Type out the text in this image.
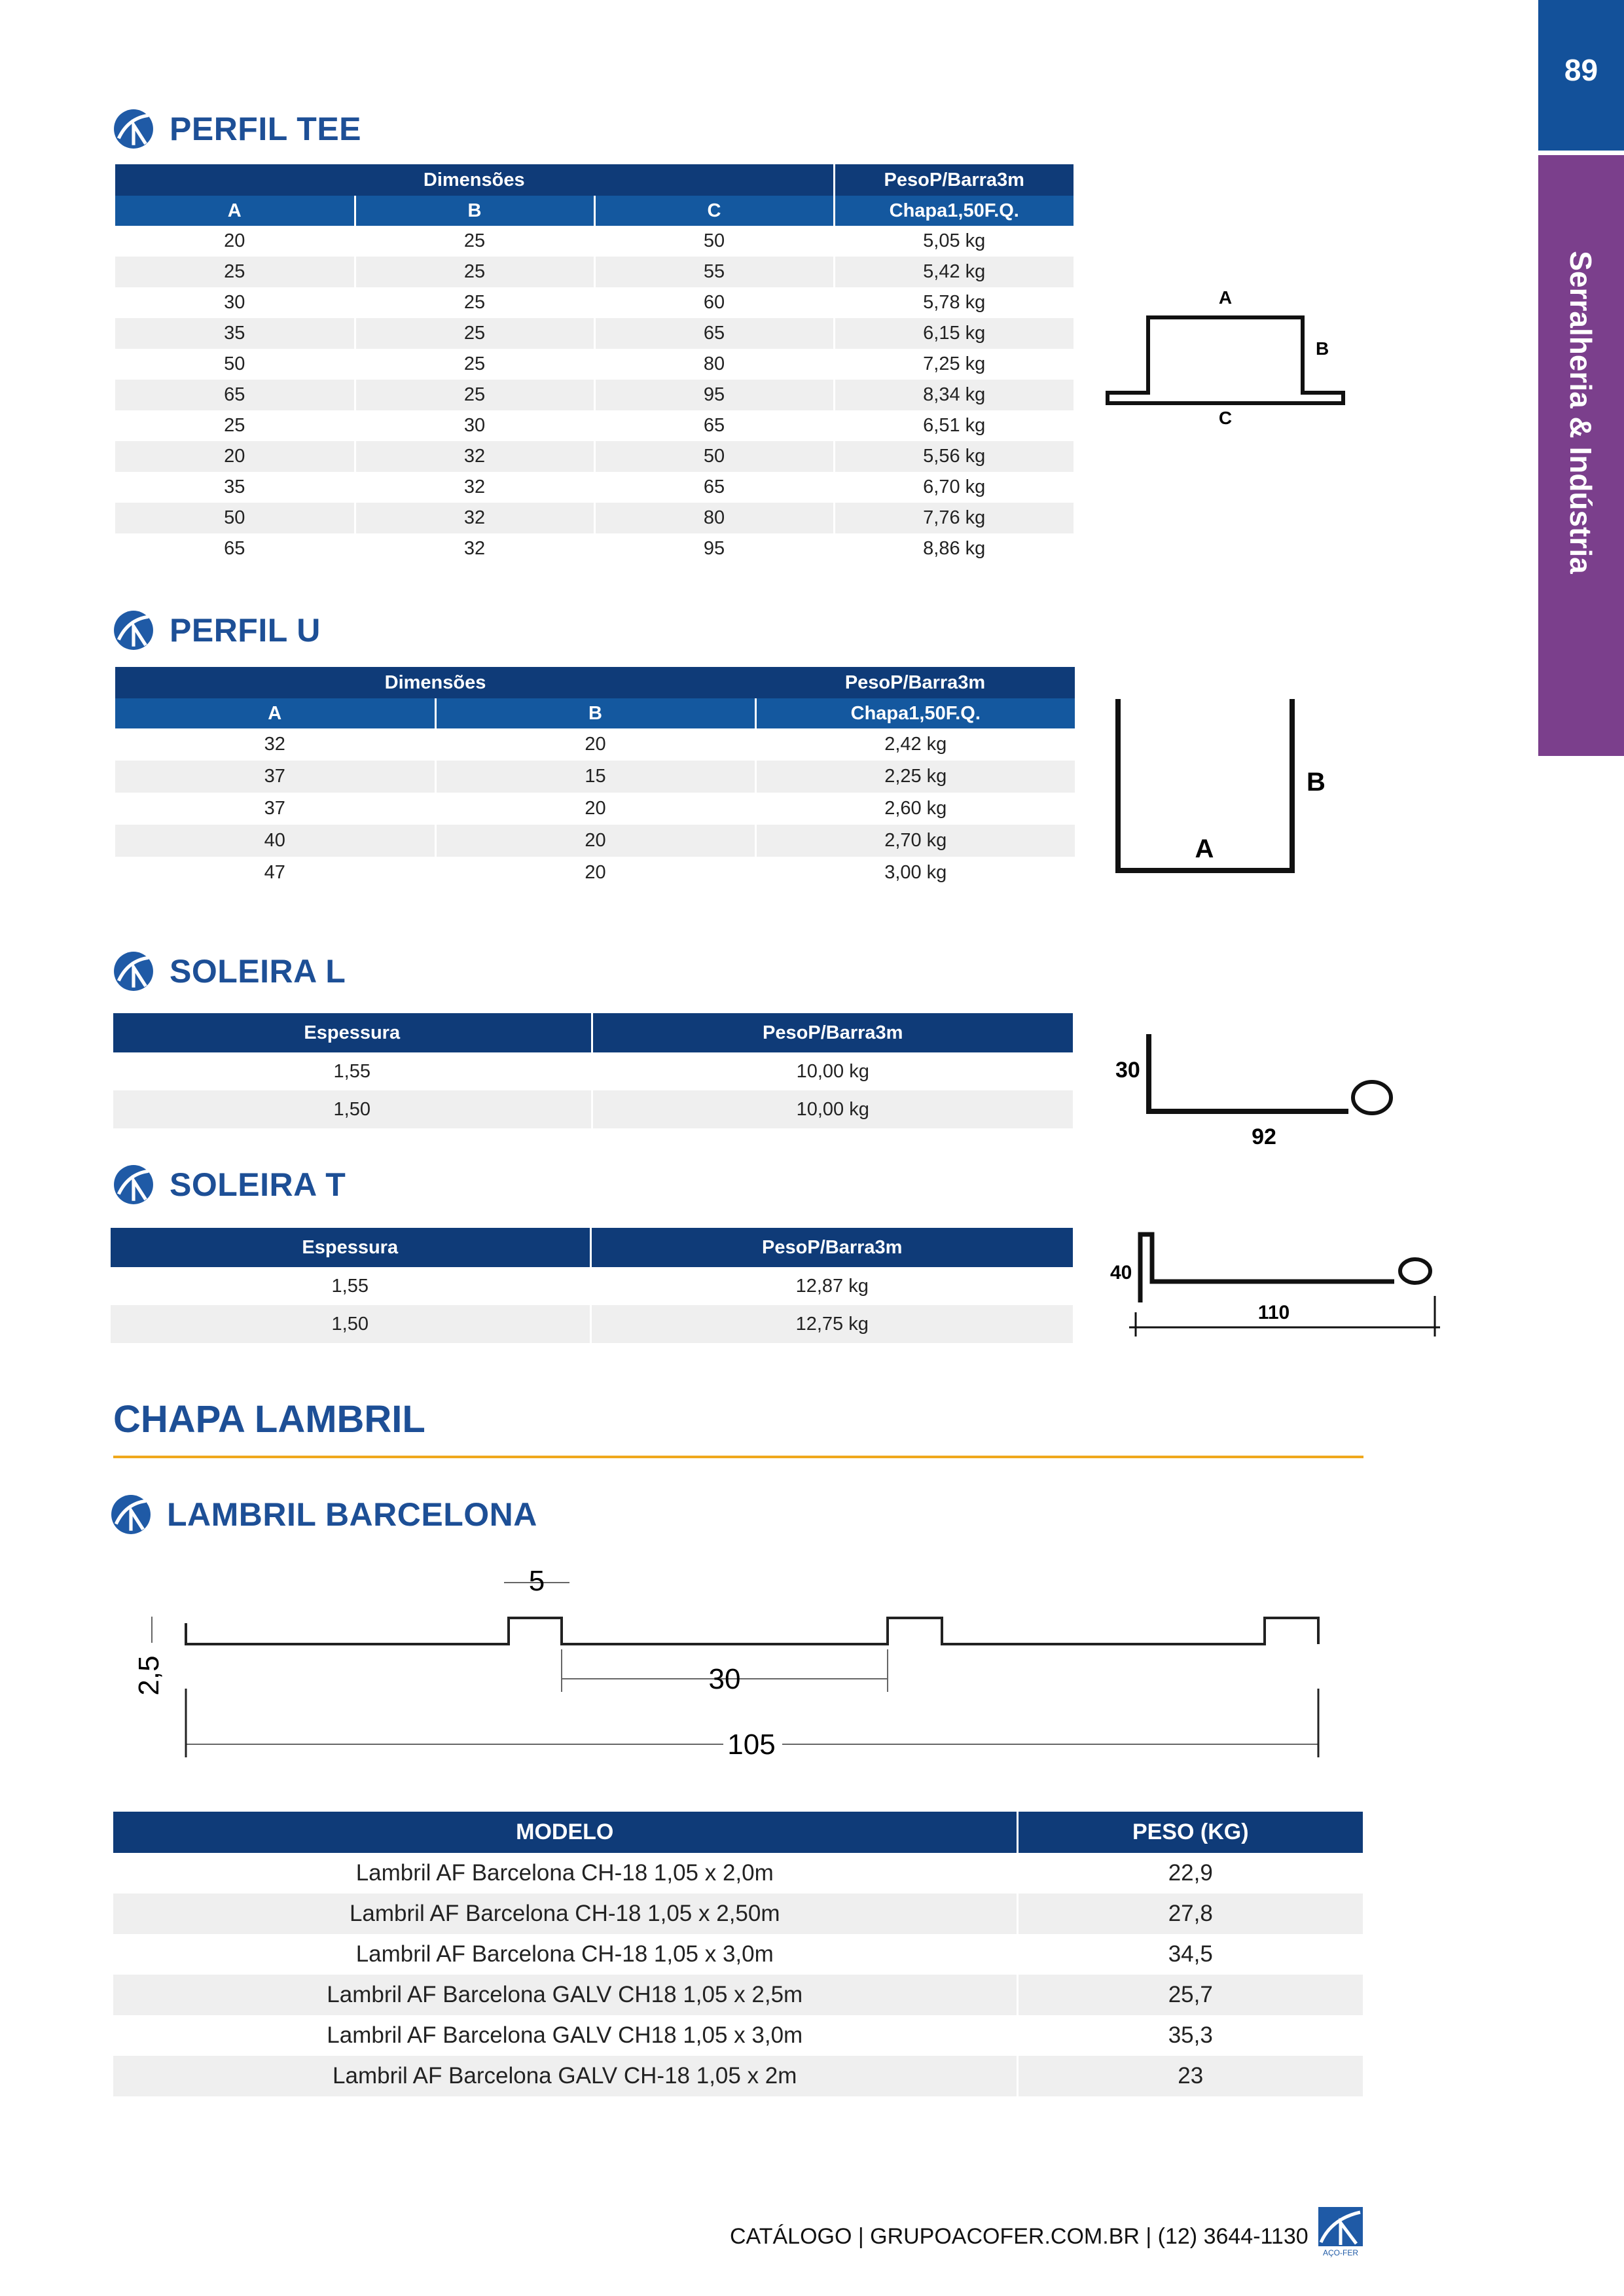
89
Serralheria & Indústria
PERFIL TEE
Dimensões			PesoP/Barra3m
A	B	C	Chapa1,50F.Q.
20	25	50	5,05 kg
25	25	55	5,42 kg
30	25	60	5,78 kg
35	25	65	6,15 kg
50	25	80	7,25 kg
65	25	95	8,34 kg
25	30	65	6,51 kg
20	32	50	5,56 kg
35	32	65	6,70 kg
50	32	80	7,76 kg
65	32	95	8,86 kg
A
B
C
PERFIL U
Dimensões		PesoP/Barra3m
A	B	Chapa1,50F.Q.
32	20	2,42 kg
37	15	2,25 kg
37	20	2,60 kg
40	20	2,70 kg
47	20	3,00 kg
A
B
SOLEIRA L
Espessura	PesoP/Barra3m
1,55	10,00 kg
1,50	10,00 kg
30
92
SOLEIRA T
Espessura	PesoP/Barra3m
1,55	12,87 kg
1,50	12,75 kg
40
110
CHAPA LAMBRIL
LAMBRIL BARCELONA
5
2,5	30
105
MODELO	PESO (KG)
Lambril AF Barcelona CH-18 1,05 x 2,0m	22,9
Lambril AF Barcelona CH-18 1,05 x 2,50m	27,8
Lambril AF Barcelona CH-18 1,05 x 3,0m	34,5
Lambril AF Barcelona GALV CH18 1,05 x 2,5m	25,7
Lambril AF Barcelona GALV CH18 1,05 x 3,0m	35,3
Lambril AF Barcelona GALV CH-18 1,05 x 2m	23
CATÁLOGO | GRUPOACOFER.COM.BR | (12) 3644-1130
AÇO-FER
